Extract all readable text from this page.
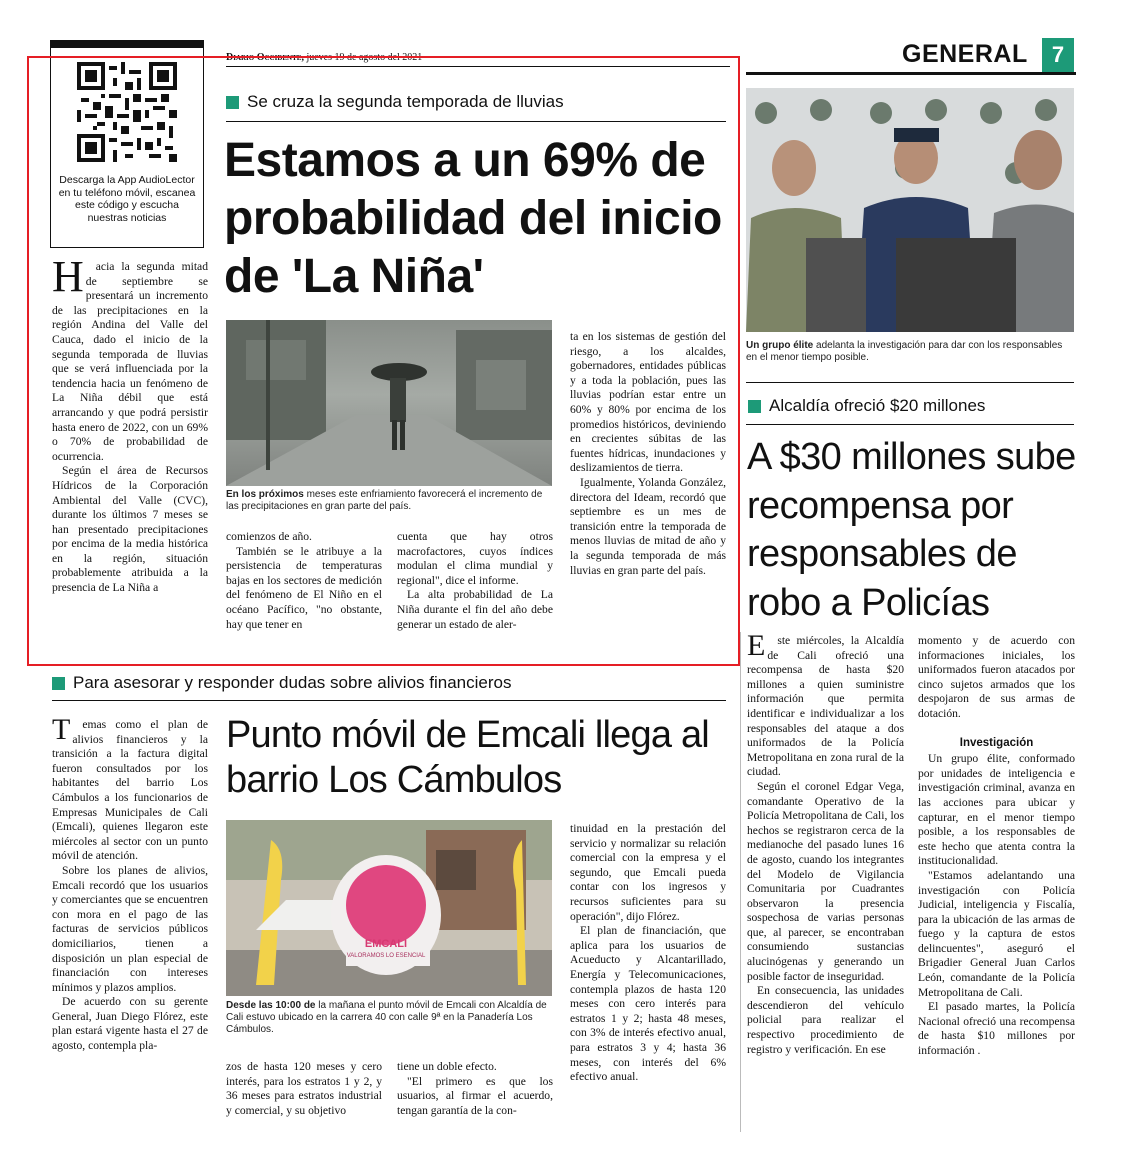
Diario Occidente, jueves 19 de agosto del 2021	GENERAL	7
Descarga la App AudioLector en tu teléfono móvil, escanea este código y escucha nuestras noticias
Se cruza la segunda temporada de lluvias
Estamos a un 69% de probabilidad del inicio de 'La Niña'
H	acia la segunda mitad de septiembre se presentará un incremento de las precipitaciones en la región Andina del Valle del Cauca, dado el inicio de la segunda temporada de lluvias que se verá influenciada por la tendencia hacia un fenómeno de La Niña débil que está arrancando y que podrá persistir hasta enero de 2022, con un 69% o 70% de probabilidad de ocurrencia.

Según el área de Recursos Hídricos de la Corporación Ambiental del Valle (CVC), durante los últimos 7 meses se han presentado precipitaciones por encima de la media histórica en la región, situación probablemente atribuida a la presencia de La Niña a

En los próximos meses este enfriamiento favorecerá el incremento de las precipitaciones en gran parte del país.

comienzos de año.

También se le atribuye a la persistencia de temperaturas bajas en los sectores de medición del fenómeno de El Niño en el océano Pacífico, "no obstante, hay que tener en

cuenta que hay otros macrofactores, cuyos índices modulan el clima mundial y regional", dice el informe.

La alta probabilidad de La Niña durante el fin del año debe generar un estado de aler-

ta en los sistemas de gestión del riesgo, a los alcaldes, gobernadores, entidades públicas y a toda la población, pues las lluvias podrían estar entre un 60% y 80% por encima de los promedios históricos, deviniendo en crecientes súbitas de las fuentes hídricas, inundaciones y deslizamientos de tierra.

Igualmente, Yolanda González, directora del Ideam, recordó que septiembre es un mes de transición entre la temporada de menos lluvias de mitad de año y la segunda temporada de más lluvias en gran parte del país.

Un grupo élite adelanta la investigación para dar con los responsables en el menor tiempo posible.
Alcaldía ofreció $20 millones
A $30 millones sube recompensa por responsables de robo a Policías
E	ste miércoles, la Alcaldía de Cali ofreció una recompensa de hasta $20 millones a quien suministre información que permita identificar e individualizar a los responsables del ataque a dos uniformados de la Policía Metropolitana en zona rural de la ciudad.

Según el coronel Edgar Vega, comandante Operativo de la Policía Metropolitana de Cali, los hechos se registraron cerca de la medianoche del pasado lunes 16 de agosto, cuando los integrantes del Modelo de Vigilancia Comunitaria por Cuadrantes observaron la presencia sospechosa de varias personas que, al parecer, se encontraban consumiendo sustancias alucinógenas y generando un posible factor de inseguridad.

En consecuencia, las unidades descendieron del vehículo policial para realizar el respectivo procedimiento de registro y verificación. En ese

momento y de acuerdo con informaciones iniciales, los uniformados fueron atacados por cinco sujetos armados que los despojaron de sus armas de dotación.

Investigación

Un grupo élite, conformado por unidades de inteligencia e investigación criminal, avanza en las acciones para ubicar y capturar, en el menor tiempo posible, a los responsables de este hecho que atenta contra la institucionalidad.

"Estamos adelantando una investigación con Policía Judicial, inteligencia y Fiscalía, para la ubicación de las armas de fuego y la captura de estos delincuentes", aseguró el Brigadier General Juan Carlos León, comandante de la Policía Metropolitana de Cali.

El pasado martes, la Policía Nacional ofreció una recompensa de hasta $10 millones por información .

Para asesorar y responder dudas sobre alivios financieros
Punto móvil de Emcali llega al barrio Los Cámbulos
T	emas como el plan de alivios financieros y la transición a la factura digital fueron consultados por los habitantes del barrio Los Cámbulos a los funcionarios de Empresas Municipales de Cali (Emcali), quienes llegaron este miércoles al sector con un punto móvil de atención.

Sobre los planes de alivios, Emcali recordó que los usuarios y comerciantes que se encuentren con mora en el pago de las facturas de servicios públicos domiciliarios, tienen a disposición un plan especial de financiación con intereses mínimos y plazos amplios.

De acuerdo con su gerente General, Juan Diego Flórez, este plan estará vigente hasta el 27 de agosto, contempla pla-

EMCALI
VALORAMOS LO ESENCIAL
Desde las 10:00 de la mañana el punto móvil de Emcali con Alcaldía de Cali estuvo ubicado en la carrera 40 con calle 9ª en la Panadería Los Cámbulos.

zos de hasta 120 meses y cero interés, para los estratos 1 y 2, y 36 meses para estratos industrial y comercial, y su objetivo

tiene un doble efecto.

"El primero es que los usuarios, al firmar el acuerdo, tengan garantía de la con-

tinuidad en la prestación del servicio y normalizar su relación comercial con la empresa y el segundo, que Emcali pueda contar con los ingresos y recursos suficientes para su operación", dijo Flórez.

El plan de financiación, que aplica para los usuarios de Acueducto y Alcantarillado, Energía y Telecomunicaciones, contempla plazos de hasta 120 meses con cero interés para estratos 1 y 2; hasta 48 meses, con 3% de interés efectivo anual, para estratos 3 y 4; hasta 36 meses, con interés del 6% efectivo anual.
